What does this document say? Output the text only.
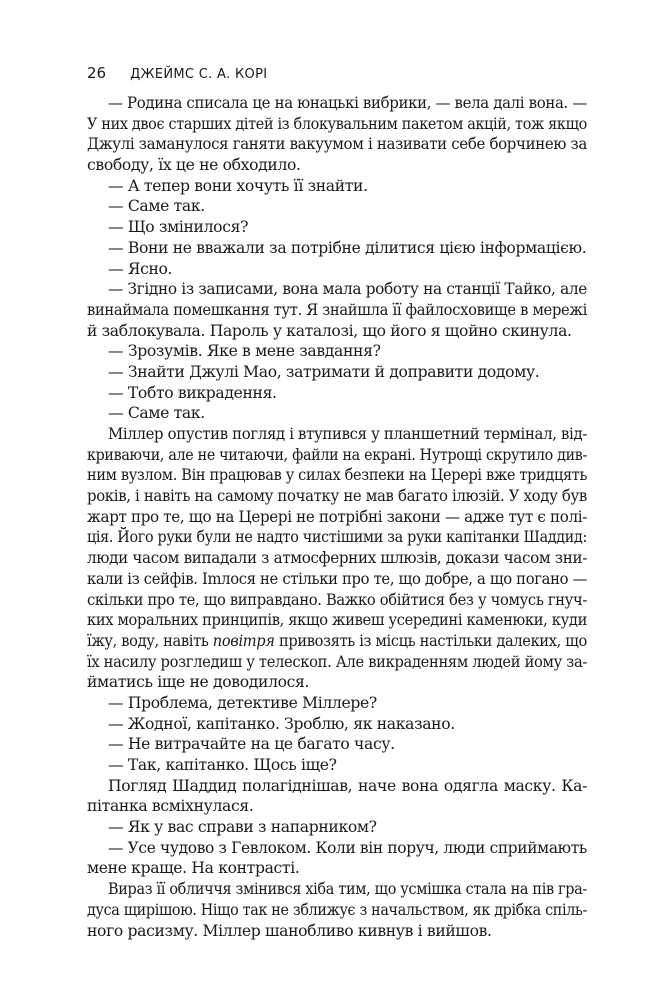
26 ДЖЕЙМС С. А. КОРІ
— Родина списала це на юнацькі вибрики, — вела далі вона. —
У них двоє старших дітей із блокувальним пакетом акцій, тож якщо
Джулі заманулося ганяти вакуумом і називати себе борчинею за
свободу, їх це не обходило.
— А тепер вони хочуть її знайти.
— Саме так.
— Що змінилося?
— Вони не вважали за потрібне ділитися цією інформацією.
— Ясно.
— Згідно із записами, вона мала роботу на станції Тайко, але
винаймала помешкання тут. Я знайшла її файлосховище в мережі
й заблокувала. Пароль у каталозі, що його я щойно скинула.
— Зрозумів. Яке в мене завдання?
— Знайти Джулі Мао, затримати й доправити додому.
— Тобто викрадення.
— Саме так.
Міллер опустив погляд і втупився у планшетний термінал, від-
криваючи, але не читаючи, файли на екрані. Нутрощі скрутило див-
ним вузлом. Він працював у силах безпеки на Церері вже тридцять
років, і навіть на самому початку не мав багато ілюзій. У ходу був
жарт про те, що на Церері не потрібні закони — адже тут є полі-
ція. Його руки були не надто чистішими за руки капітанки Шаддид:
люди часом випадали з атмосферних шлюзів, докази часом зни-
кали із сейфів. Іmлося не стільки про те, що добре, а що погано —
скільки про те, що виправдано. Важко обійтися без у чомусь гнуч-
ких моральних принципів, якщо живеш усередині каменюки, куди
їжу, воду, навіть повітря привозять із місць настільки далеких, що
їх насилу розгледиш у телескоп. Але викраденням людей йому за-
йматись іще не доводилося.
— Проблема, детективе Міллере?
— Жодної, капітанко. Зроблю, як наказано.
— Не витрачайте на це багато часу.
— Так, капітанко. Щось іще?
Погляд Шаддид полагіднішав, наче вона одягла маску. Ка-
пітанка всміхнулася.
— Як у вас справи з напарником?
— Усе чудово з Гевлоком. Коли він поруч, люди сприймають
мене краще. На контрасті.
Вираз її обличчя змінився хіба тим, що усмішка стала на пів гра-
дуса щирішою. Ніщо так не зближує з начальством, як дрібка спіль-
ного расизму. Міллер шанобливо кивнув і вийшов.
